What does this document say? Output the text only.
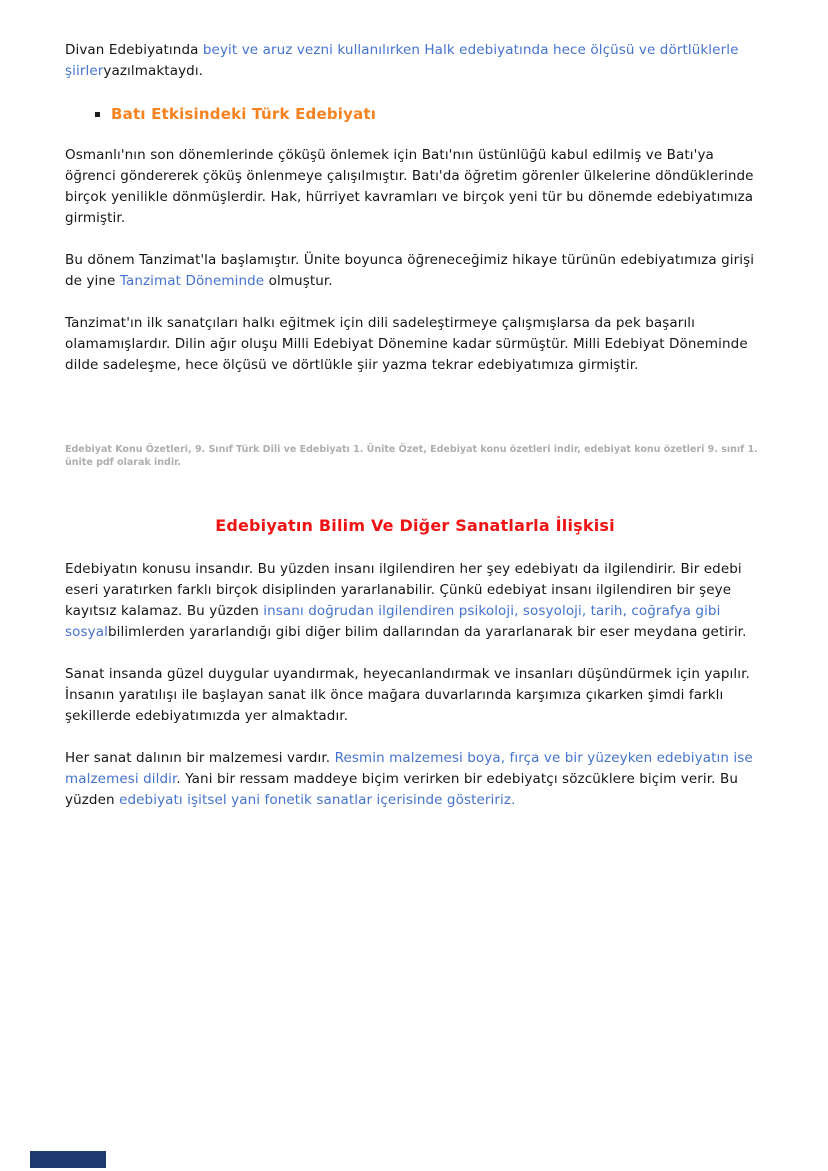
Divan Edebiyatında beyit ve aruz vezni kullanılırken Halk edebiyatında hece ölçüsü ve dörtlüklerle şiirleryazılmaktaydı.

Batı Etkisindeki Türk Edebiyatı

Osmanlı'nın son dönemlerinde çöküşü önlemek için Batı'nın üstünlüğü kabul edilmiş ve Batı'ya öğrenci göndererek çöküş önlenmeye çalışılmıştır. Batı'da öğretim görenler ülkelerine döndüklerinde birçok yenilikle dönmüşlerdir. Hak, hürriyet kavramları ve birçok yeni tür bu dönemde edebiyatımıza girmiştir.

Bu dönem Tanzimat'la başlamıştır. Ünite boyunca öğreneceğimiz hikaye türünün edebiyatımıza girişi de yine Tanzimat Döneminde olmuştur.

Tanzimat'ın ilk sanatçıları halkı eğitmek için dili sadeleştirmeye çalışmışlarsa da pek başarılı olamamışlardır. Dilin ağır oluşu Milli Edebiyat Dönemine kadar sürmüştür. Milli Edebiyat Döneminde dilde sadeleşme, hece ölçüsü ve dörtlükle şiir yazma tekrar edebiyatımıza girmiştir.

Edebiyat Konu Özetleri, 9. Sınıf Türk Dili ve Edebiyatı 1. Ünite Özet, Edebiyat konu özetleri indir, edebiyat konu özetleri 9. sınıf 1. ünite pdf olarak indir.

Edebiyatın Bilim Ve Diğer Sanatlarla İlişkisi

Edebiyatın konusu insandır. Bu yüzden insanı ilgilendiren her şey edebiyatı da ilgilendirir. Bir edebi eseri yaratırken farklı birçok disiplinden yararlanabilir. Çünkü edebiyat insanı ilgilendiren bir şeye kayıtsız kalamaz. Bu yüzden insanı doğrudan ilgilendiren psikoloji, sosyoloji, tarih, coğrafya gibi sosyalbilimlerden yararlandığı gibi diğer bilim dallarından da yararlanarak bir eser meydana getirir.

Sanat insanda güzel duygular uyandırmak, heyecanlandırmak ve insanları düşündürmek için yapılır. İnsanın yaratılışı ile başlayan sanat ilk önce mağara duvarlarında karşımıza çıkarken şimdi farklı şekillerde edebiyatımızda yer almaktadır.

Her sanat dalının bir malzemesi vardır. Resmin malzemesi boya, fırça ve bir yüzeyken edebiyatın ise malzemesi dildir. Yani bir ressam maddeye biçim verirken bir edebiyatçı sözcüklere biçim verir. Bu yüzden edebiyatı işitsel yani fonetik sanatlar içerisinde gösteririz.
